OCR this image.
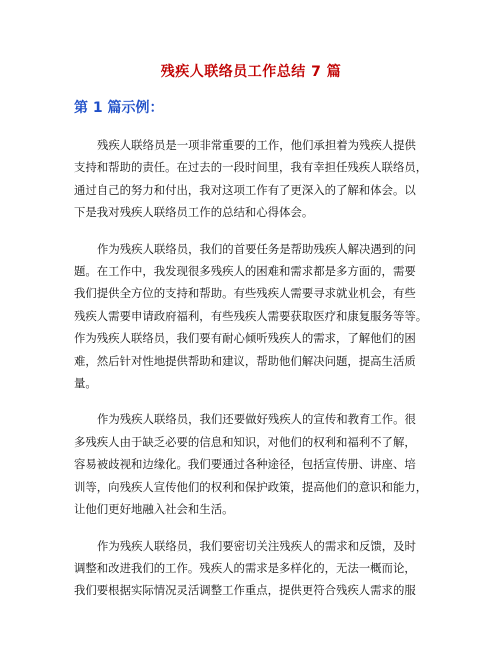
残疾人联络员工作总结 7 篇
第 1 篇示例：
残疾人联络员是一项非常重要的工作，他们承担着为残疾人提供
支持和帮助的责任。在过去的一段时间里，我有幸担任残疾人联络员，
通过自己的努力和付出，我对这项工作有了更深入的了解和体会。以
下是我对残疾人联络员工作的总结和心得体会。
作为残疾人联络员，我们的首要任务是帮助残疾人解决遇到的问
题。在工作中，我发现很多残疾人的困难和需求都是多方面的，需要
我们提供全方位的支持和帮助。有些残疾人需要寻求就业机会，有些
残疾人需要申请政府福利，有些残疾人需要获取医疗和康复服务等等。
作为残疾人联络员，我们要有耐心倾听残疾人的需求，了解他们的困
难，然后针对性地提供帮助和建议，帮助他们解决问题，提高生活质
量。
作为残疾人联络员，我们还要做好残疾人的宣传和教育工作。很
多残疾人由于缺乏必要的信息和知识，对他们的权利和福利不了解，
容易被歧视和边缘化。我们要通过各种途径，包括宣传册、讲座、培
训等，向残疾人宣传他们的权利和保护政策，提高他们的意识和能力，
让他们更好地融入社会和生活。
作为残疾人联络员，我们要密切关注残疾人的需求和反馈，及时
调整和改进我们的工作。残疾人的需求是多样化的，无法一概而论，
我们要根据实际情况灵活调整工作重点，提供更符合残疾人需求的服
